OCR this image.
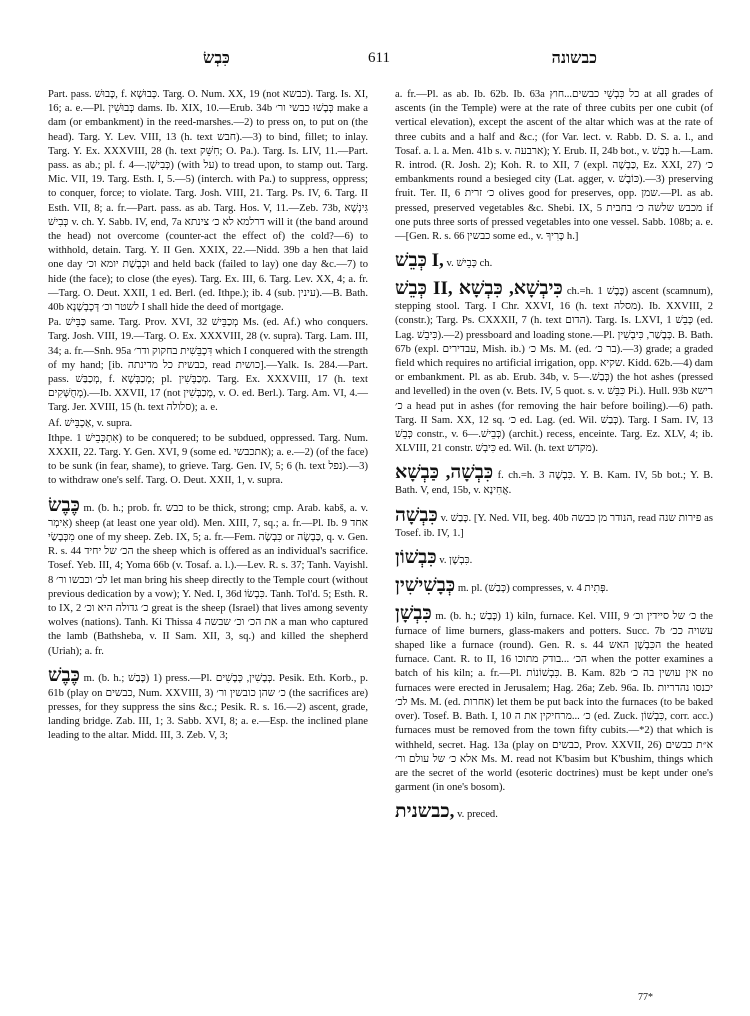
כִּבְשׂ	611	כבשונה

Part. pass. כָּבוּשׁ, f. כְּבוּשָׁא. Targ. O. Num. XX, 19 (not כבשא). Targ. Is. XI, 16; a. e.—Pl. כְּבוּשִׁין dams. Ib. XIX, 10.—Erub. 34b כְּבָשׁוּ כבשי ור׳ make a dam (or embankment) in the reed-marshes.—2) to press on, to put on (the head). Targ. Y. Lev. VIII, 13 (h. text חבש).—3) to bind, fillet; to inlay. Targ. Y. Ex. XXXVIII, 28 (h. text חִשֵּׁק; O. Pa.). Targ. Is. LIV, 11.—Part. pass. as ab.; pl. f. כְּבִישָׁן.—4) (with על) to tread upon, to stamp out. Targ. Mic. VII, 19. Targ. Esth. I, 5.—5) (interch. with Pa.) to suppress, oppress; to conquer, force; to violate. Targ. Josh. VIII, 21. Targ. Ps. IV, 6. Targ. II Esth. VII, 8; a. fr.—Part. pass. as ab. Targ. Hos. V, 11.—Zeb. 73b, גִּינְשָׁא כְּבִישׁ v. ch. Y. Sabb. IV, end, 7a דרלמא לא כ׳ צינתא will it (the band around the head) not overcome (counter-act the effect of) the cold?—6) to withhold, detain. Targ. Y. II Gen. XXIX, 22.—Nidd. 39b a hen that laid one day וּכְבְשַׁת יומא וכ׳ and held back (failed to lay) one day &c.—7) to hide (the face); to close (the eyes). Targ. Ex. III, 6. Targ. Lev. XX, 4; a. fr.—Targ. O. Deut. XXII, 1 ed. Berl. (ed. Ithpe.); ib. 4 (sub. עינין).—B. Bath. 40b לשטר וכ׳ דְּכָבְשָׁנָא I shall hide the deed of mortgage.

Pa. כַּבֵּישׁ same. Targ. Prov. XVI, 32 מְכַבֵּישׁ Ms. (ed. Af.) who conquers. Targ. Josh. VIII, 19.—Targ. O. Ex. XXXVIII, 28 (v. supra). Targ. Lam. III, 34; a. fr.—Snh. 95a דִּכְבֵּשִׁית בחקוק ודר׳ which I conquered with the strength of my hand; [ib. כבשית כל מדינתה, read כושית].—Yalk. Is. 284.—Part. pass. מְכַבַּשׁ, f. מְכַבְּשָׁא; pl. מְכַבְּשִׁין. Targ. Ex. XXXVIII, 17 (h. text מְחֻשָּׁקִים).—Ib. XXVII, 17 (not מְכַבְּשִׁין, v. O. ed. Berl.). Targ. Am. VI, 4.—Targ. Jer. XVIII, 15 (h. text סלולה); a. e.

Af. אַכְבֵּישׁ, v. supra.

Ithpe. אִתְכְּבֵישׁ 1) to be conquered; to be subdued, oppressed. Targ. Num. XXXII, 22. Targ. Y. Gen. XVI, 9 (some ed. אתכבשי); a. e.—2) (of the face) to be sunk (in fear, shame), to grieve. Targ. Gen. IV, 5; 6 (h. text נפל).—3) to withdraw one's self. Targ. O. Deut. XXII, 1, v. supra.

כֶּבֶשׂ m. (b. h.; prob. fr. כבש to be thick, strong; cmp. Arab. kabš, a. v. אִימְר) sheep (at least one year old). Men. XIII, 7, sq.; a. fr.—Pl. Ib. 9 אחד מִכְּבָשַׂי one of my sheep. Zeb. IX, 5; a. fr.—Fem. כִּבְשָׂה or כַּבְשָׂה, q. v. Gen. R. s. 44 הכ׳ של יחיד the sheep which is offered as an individual's sacrifice. Tosef. Yeb. III, 4; Yoma 66b (v. Tosaf. a. l.).—Lev. R. s. 37; Tanh. Vayishl. 8 לכ׳ וכבשו ור׳ let man bring his sheep directly to the Temple court (without previous dedication by a vow); Y. Ned. I, 36d כִּבְשׂוֹ. Tanh. Tol'd. 5; Esth. R. to IX, 2 כ׳ גדולה היא וכ׳ great is the sheep (Israel) that lives among seventy wolves (nations). Tanh. Ki Thissa 4 את הכ׳ וכ׳ שבשה a man who captured the lamb (Bathsheba, v. II Sam. XII, 3, sq.) and killed the shepherd (Uriah); a. fr.

כֶּבֶשׁ m. (b. h.; כָּבַשׁ) 1) press.—Pl. כְּבָשִׁין, כְּבָשִׁים. Pesik. Eth. Korb., p. 61b (play on כבשים, Num. XXVIII, 3) כ׳ שהן כובשין ור׳ (the sacrifices are) presses, for they suppress the sins &c.; Pesik. R. s. 16.—2) ascent, grade, landing bridge. Zab. III, 1; 3. Sabb. XVI, 8; a. e.—Esp. the inclined plane leading to the altar. Midd. III, 3. Zeb. V, 3;

a. fr.—Pl. as ab. Ib. 62b. Ib. 63a כל כִּבְשֵׁי כבשים...חוץ at all grades of ascents (in the Temple) were at the rate of three cubits per one cubit (of vertical elevation), except the ascent of the altar which was at the rate of three cubits and a half and &c.; (for Var. lect. v. Rabb. D. S. a. l., and Tosaf. a. l. a. Men. 41b s. v. ארבעה); Y. Erub. II, 24b bot., v. כְּבַשׁ h.—Lam. R. introd. (R. Josh. 2); Koh. R. to XII, 7 (expl. כַּבְשָׁה, Ez. XXI, 27) כ׳ embankments round a besieged city (Lat. agger, v. כּוֹבֶשׁ).—3) preserving fruit. Ter. II, 6 כ׳ זרית olives good for preserves, opp. שמן.—Pl. as ab. pressed, preserved vegetables &c. Shebi. IX, 5 מכבש שלשה כ׳ בחבית if one puts three sorts of pressed vegetables into one vessel. Sabb. 108b; a. e.—[Gen. R. s. 66 כבשין some ed., v. כָּרִיךְ h.]

כְּבֵשׁ I, v. כְּבֵישׁ ch.

כְּבֵשׁ II, כִּיבְשָׁא, כִּבְשָׁא ch.=h. כֶּבֶשׁ 1) ascent (scamnum), stepping stool. Targ. I Chr. XXVI, 16 (h. text מסלה). Ib. XXVIII, 2 (constr.); Targ. Ps. CXXXII, 7 (h. text הדום). Targ. Is. LXVI, 1 כְּבֵשׁ (ed. Lag. כִּיבֵשׁ).—2) pressboard and loading stone.—Pl. כְּבָשַׁר, כִּיבְשִׁין. B. Bath. 67b (expl. עבדירים, Mish. ib.) כ׳ Ms. M. (ed. בר כ׳).—3) grade; a graded field which requires no artificial irrigation, opp. שקיא. Kidd. 62b.—4) dam or embankment. Pl. as ab. Erub. 34b, v. כְּבַשׁ.—5) the hot ashes (pressed and levelled) in the oven (v. Bets. IV, 5 quot. s. v. כִּבֵּשׁ Pi.). Hull. 93b רישא כ׳ a head put in ashes (for removing the hair before boiling).—6) path. Targ. II Sam. XX, 12 sq. כ׳ ed. Lag. (ed. Wil. כְּבַשׁ). Targ. I Sam. IV, 13 כְּבֵשׁ constr., v. כְּבֵישׁ.—6) (archit.) recess, enceinte. Targ. Ez. XLV, 4; ib. XLVIII, 21 constr. כִּיבְשׁ ed. Wil. (h. text מקדש).

כִּבְשָׁה, כַּבְשָׁא f. ch.=h. כִּבְשָׁה 3. Y. B. Kam. IV, 5b bot.; Y. B. Bath. V, end, 15b, v. אֲחִינָא.

כִּבְשָׁה v. כָּבַשׁ. [Y. Ned. VII, beg. 40b הנודר מן כבשה, read פירות שנה as Tosef. ib. IV, 1.]

כִּבְשׁוֹן v. כִּבְשָׁן.

כְּבָשִׁישִׁין m. pl. (כְּבַשׁ) compresses, v. פְּתִית 4.

כִּבְשָׁן m. (b. h.; כָּבַשׁ) 1) kiln, furnace. Kel. VIII, 9 כ׳ של סיידין וכ׳ the furnace of lime burners, glass-makers and potters. Succ. 7b עשויה ככ׳ shaped like a furnace (round). Gen. R. s. 44 הכִּבְשָׁן האש the heated furnace. Cant. R. to II, 16 הכ׳ ...בודק מתוכו when the potter examines a batch of his kiln; a. fr.—Pl. כִּבְשׁוֹנוֹת. B. Kam. 82b אין עושין בה כ׳ no furnaces were erected in Jerusalem; Hag. 26a; Zeb. 96a. Ib. יכנסו נהדריות לכ׳ Ms. M. (ed. אחרות) let them be put back into the furnaces (to be baked over). Tosef. B. Bath. I, 10 כ׳ ...מרחיקין את ה (ed. Zuck. כִּבְשׁוֹן, corr. acc.) furnaces must be removed from the town fifty cubits.—*2) that which is withheld, secret. Hag. 13a (play on כבשים, Prov. XXVII, 26) א״ת כבשים אלא כ׳ של עולם ור׳ Ms. M. read not K'basim but K'bushim, things which are the secret of the world (esoteric doctrines) must be kept under one's garment (in one's bosom).

כבשנית, v. preced.

77*
